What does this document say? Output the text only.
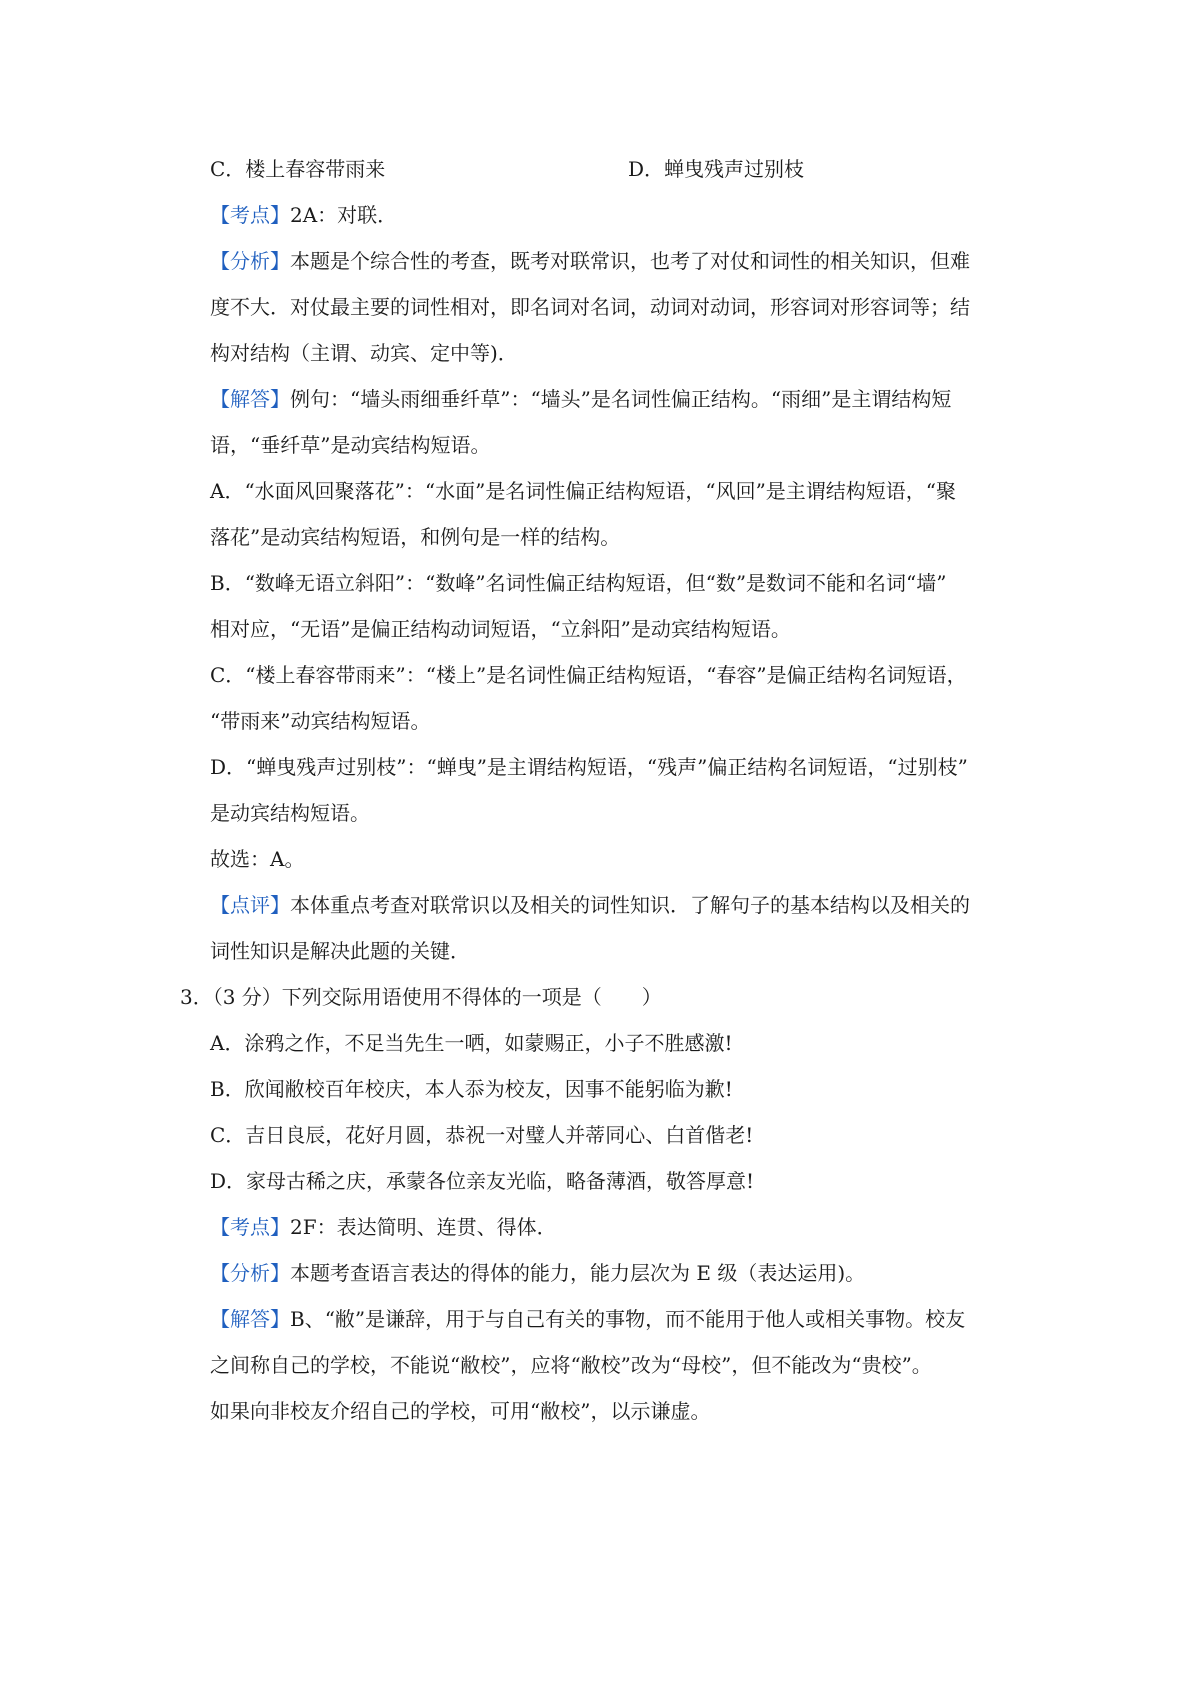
C．楼上春容带雨来	D．蝉曳残声过别枝
【考点】2A：对联．
【分析】本题是个综合性的考查，既考对联常识，也考了对仗和词性的相关知识，但难
度不大．对仗最主要的词性相对，即名词对名词，动词对动词，形容词对形容词等；结
构对结构（主谓、动宾、定中等)．
【解答】例句：“墙头雨细垂纤草”：“墙头”是名词性偏正结构。“雨细”是主谓结构短
语，“垂纤草”是动宾结构短语。
A．“水面风回聚落花”：“水面”是名词性偏正结构短语，“风回”是主谓结构短语，“聚
落花”是动宾结构短语，和例句是一样的结构。
B．“数峰无语立斜阳”：“数峰”名词性偏正结构短语，但“数”是数词不能和名词“墙”
相对应，“无语”是偏正结构动词短语，“立斜阳”是动宾结构短语。
C．“楼上春容带雨来”：“楼上”是名词性偏正结构短语，“春容”是偏正结构名词短语，
“带雨来”动宾结构短语。
D．“蝉曳残声过别枝”：“蝉曳”是主谓结构短语，“残声”偏正结构名词短语，“过别枝”
是动宾结构短语。
故选：A。
【点评】本体重点考查对联常识以及相关的词性知识．了解句子的基本结构以及相关的
词性知识是解决此题的关键．
3．（3 分）下列交际用语使用不得体的一项是（　　）
A．涂鸦之作，不足当先生一哂，如蒙赐正，小子不胜感激!
B．欣闻敝校百年校庆，本人忝为校友，因事不能躬临为歉!
C．吉日良辰，花好月圆，恭祝一对璧人并蒂同心、白首偕老!
D．家母古稀之庆，承蒙各位亲友光临，略备薄酒，敬答厚意!
【考点】2F：表达简明、连贯、得体．
【分析】本题考查语言表达的得体的能力，能力层次为 E 级（表达运用)。
【解答】B、“敝”是谦辞，用于与自己有关的事物，而不能用于他人或相关事物。校友
之间称自己的学校，不能说“敝校”，应将“敝校”改为“母校”，但不能改为“贵校”。
如果向非校友介绍自己的学校，可用“敝校”，以示谦虚。
